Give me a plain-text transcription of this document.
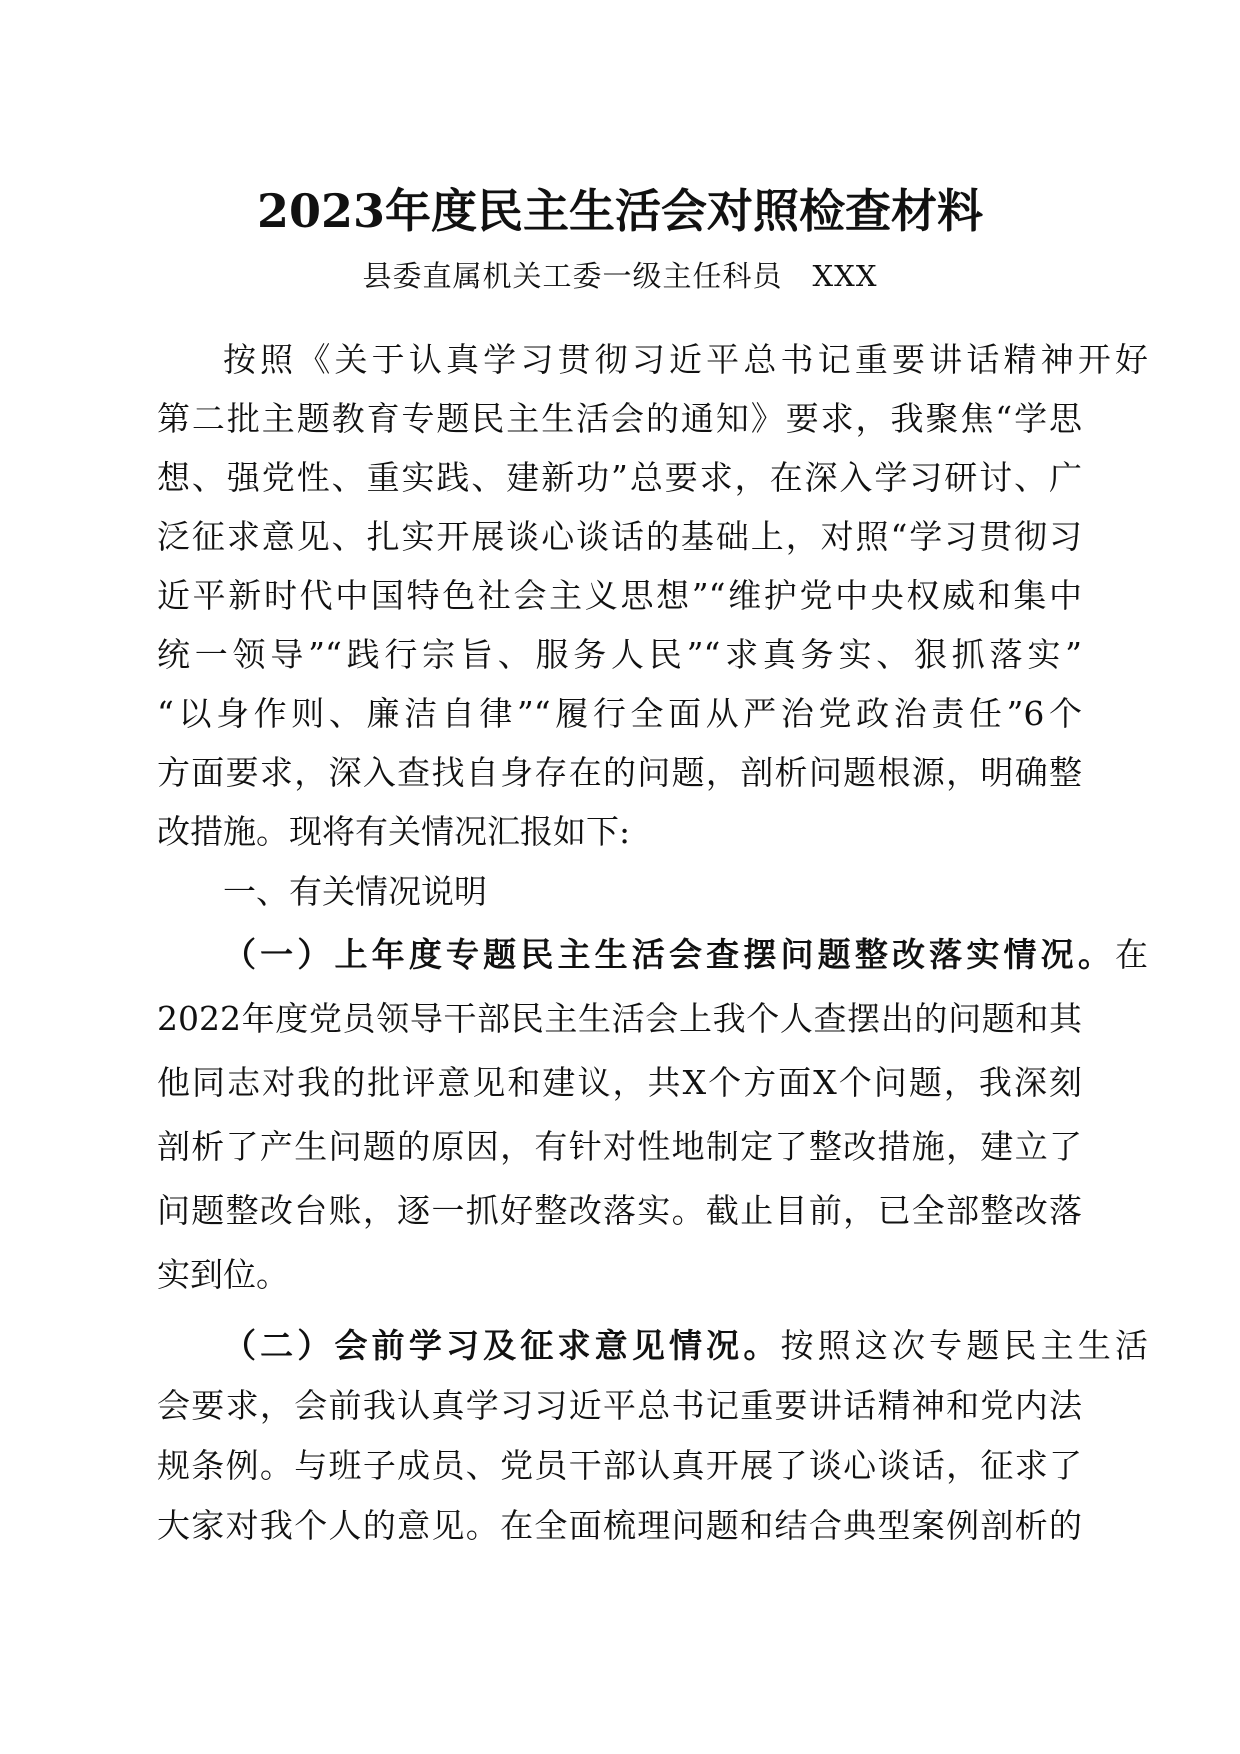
2023年度民主生活会对照检查材料
县委直属机关工委一级主任科员　XXX
按照《关于认真学习贯彻习近平总书记重要讲话精神开好
第二批主题教育专题民主生活会的通知》要求，我聚焦“学思
想、强党性、重实践、建新功”总要求，在深入学习研讨、广
泛征求意见、扎实开展谈心谈话的基础上，对照“学习贯彻习
近平新时代中国特色社会主义思想”“维护党中央权威和集中
统一领导”“践行宗旨、服务人民”“求真务实、狠抓落实”
“以身作则、廉洁自律”“履行全面从严治党政治责任”6个
方面要求，深入查找自身存在的问题，剖析问题根源，明确整
改措施。现将有关情况汇报如下:
一、有关情况说明
（一）上年度专题民主生活会查摆问题整改落实情况。在
2022年度党员领导干部民主生活会上我个人查摆出的问题和其
他同志对我的批评意见和建议，共X个方面X个问题，我深刻
剖析了产生问题的原因，有针对性地制定了整改措施，建立了
问题整改台账，逐一抓好整改落实。截止目前，已全部整改落
实到位。
（二）会前学习及征求意见情况。按照这次专题民主生活
会要求，会前我认真学习习近平总书记重要讲话精神和党内法
规条例。与班子成员、党员干部认真开展了谈心谈话，征求了
大家对我个人的意见。在全面梳理问题和结合典型案例剖析的
